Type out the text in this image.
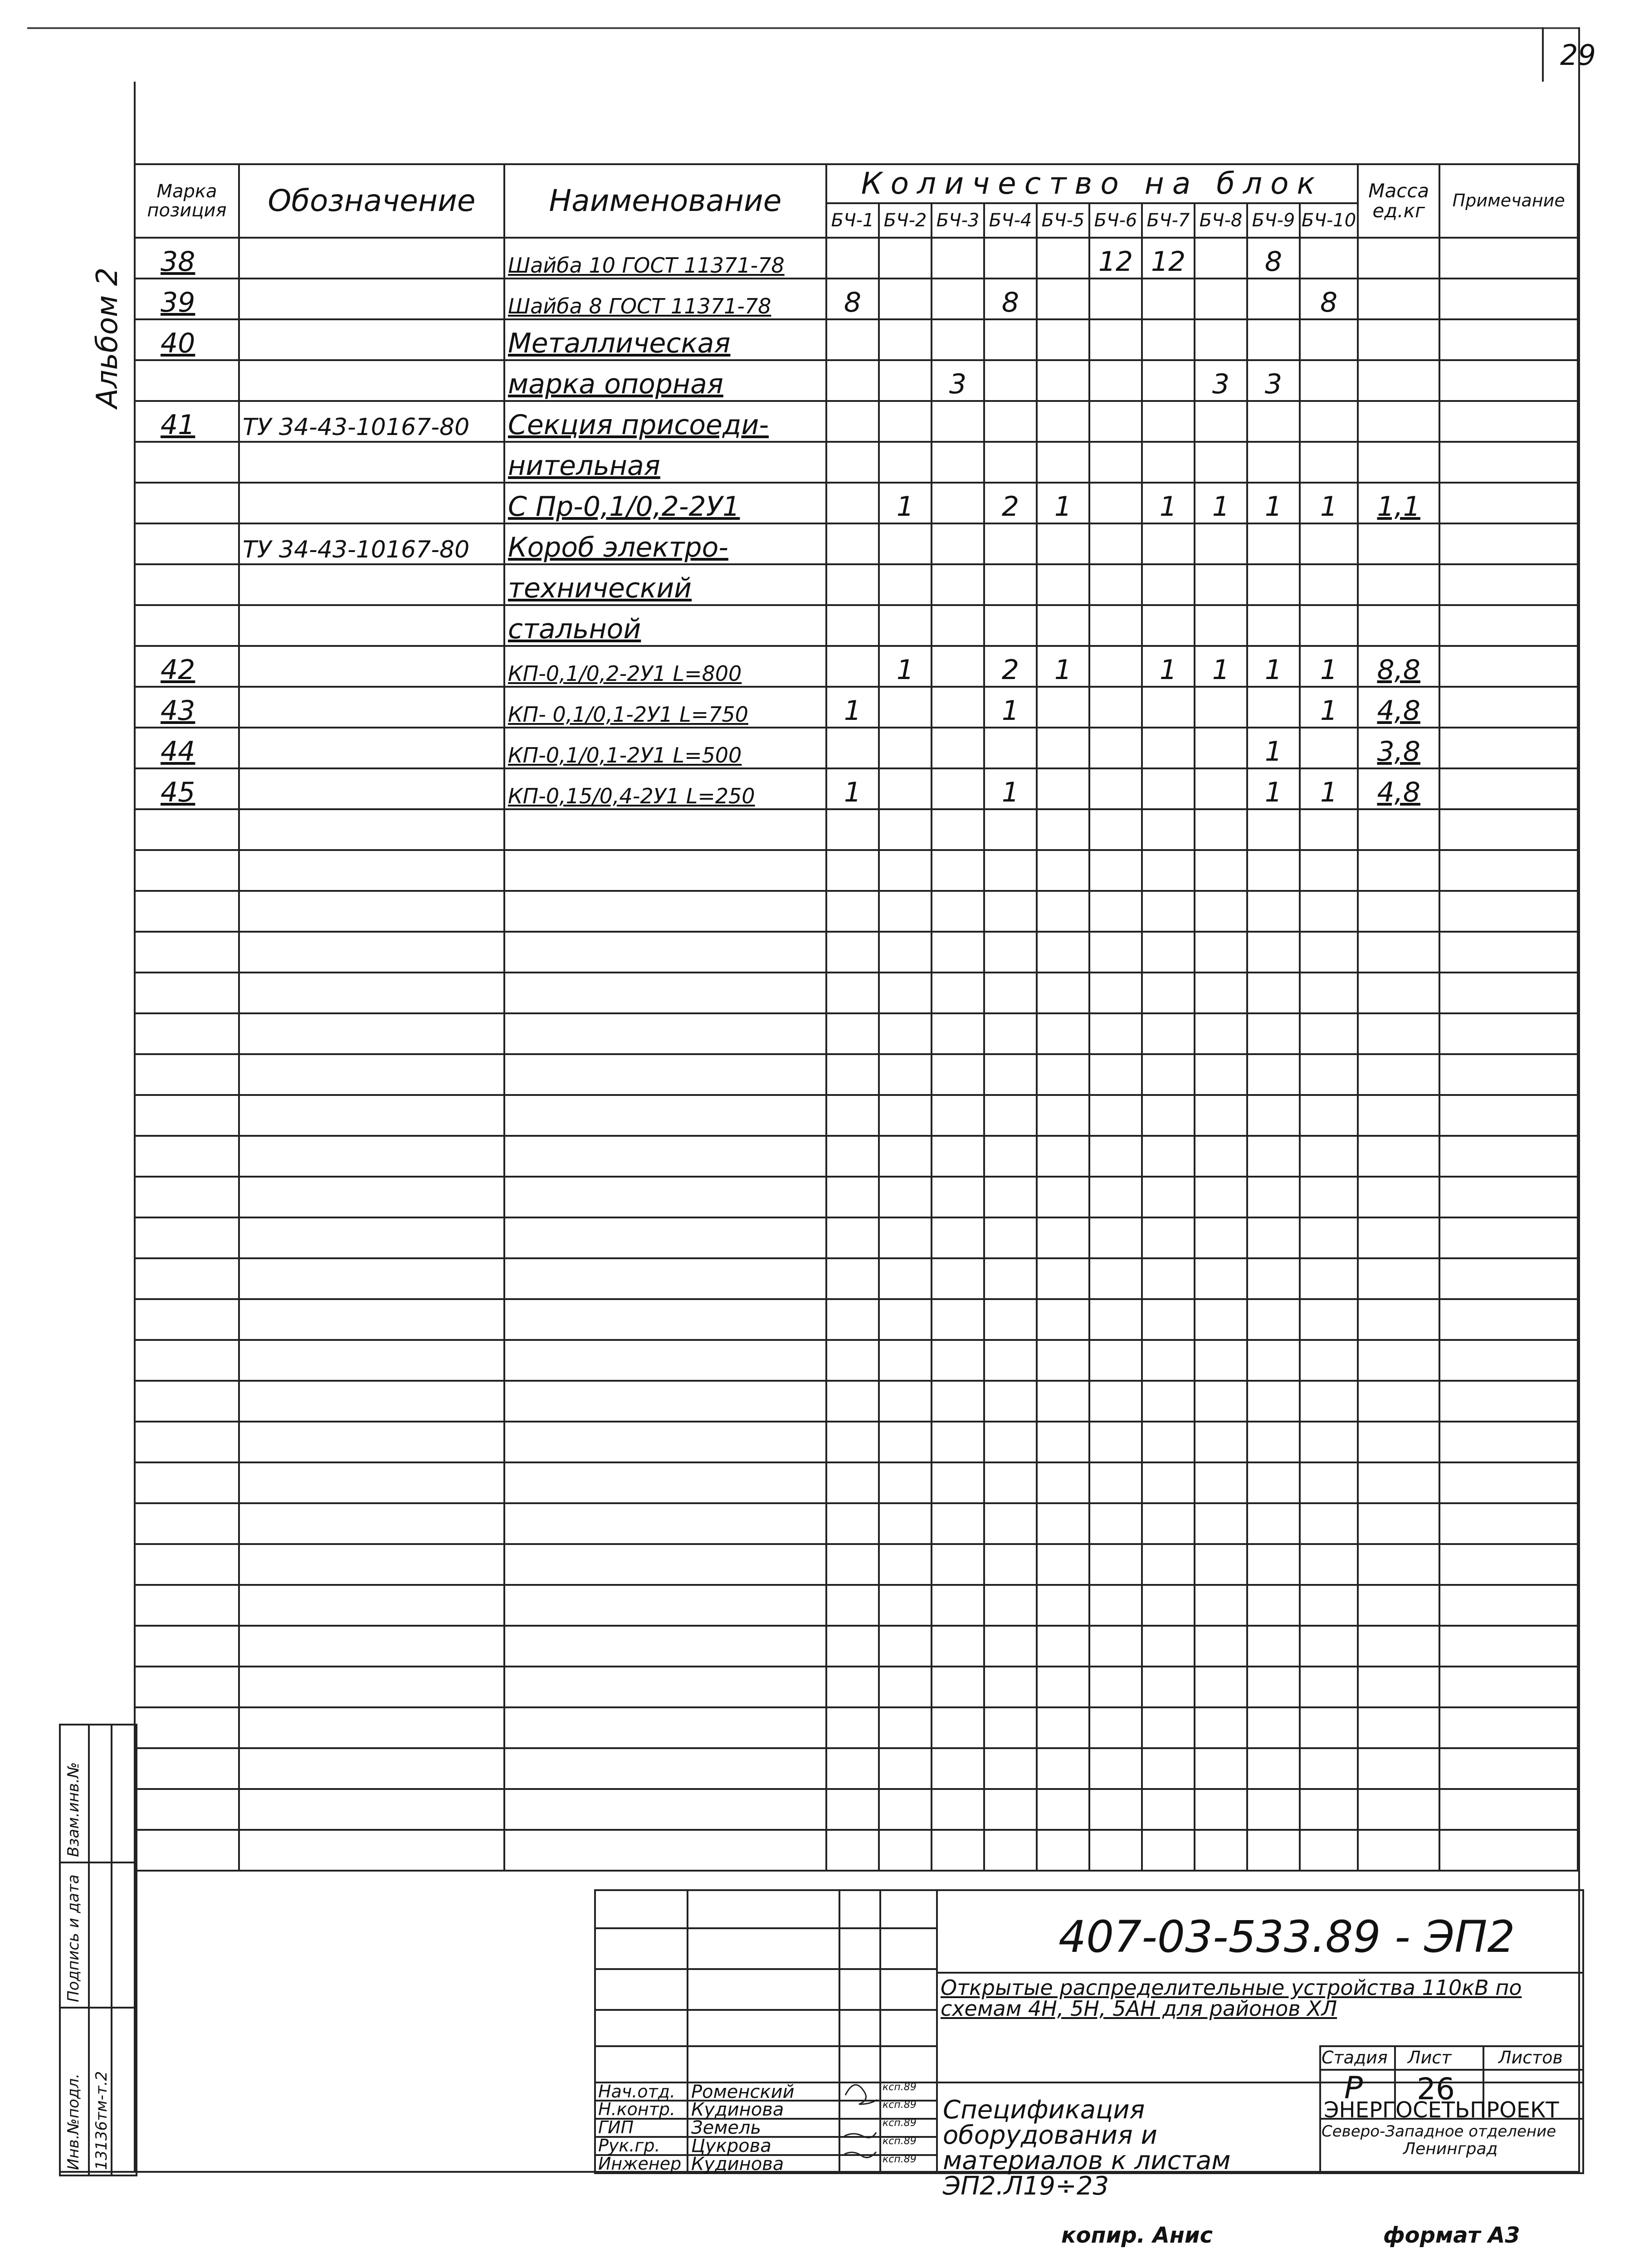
29
Альбом 2
Марка позиция	Обозначение	Наименование	Количество на блок										Масса ед.кг	Примечание
			БЧ-1	БЧ-2	БЧ-3	БЧ-4	БЧ-5	БЧ-6	БЧ-7	БЧ-8	БЧ-9	БЧ-10		
38		Шайба 10 ГОСТ 11371-78						12	12		8			
39		Шайба 8 ГОСТ 11371-78	8			8						8		
40		Металлическая												
		марка опорная			3					3	3			
41	ТУ 34-43-10167-80	Секция присоеди-												
		нительная												
		С Пр-0,1/0,2-2У1		1		2	1		1	1	1	1	1,1	
	ТУ 34-43-10167-80	Короб электро-												
		технический												
		стальной												
42		КП-0,1/0,2-2У1 L=800		1		2	1		1	1	1	1	8,8	
43		КП- 0,1/0,1-2У1 L=750	1			1						1	4,8	
44		КП-0,1/0,1-2У1 L=500									1		3,8	
45		КП-0,15/0,4-2У1 L=250	1			1					1	1	4,8	

Взам.инв.№
Подпись и дата
Инв.№подл. 13136тм-т.2
407-03-533.89 - ЭП2
Открытые распределительные устройства 110кВ по схемам 4Н, 5Н, 5АН для районов ХЛ
Стадия Лист	Листов
Р 26
Спецификация оборудования и материалов к листам ЭП2.Л19÷23
ЭНЕРГОСЕТЬПРОЕКТ
Северо-Западное отделение
Ленинград
Нач.отд. Роменский	ксп.89
Н.контр. Кудинова	ксп.89
ГИП	Земель	ксп.89
Рук.гр. Цукрова	ксп.89
Инженер Кудинова	ксп.89
копир. Анис	формат А3
